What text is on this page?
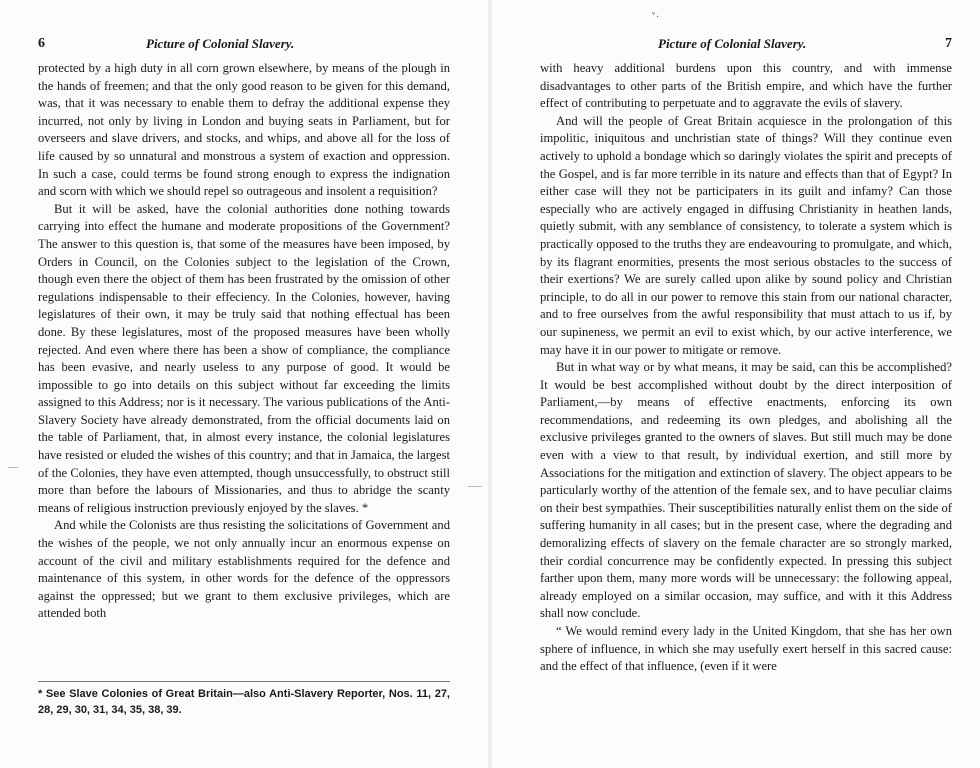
˅·
6	Picture of Colonial Slavery.

protected by a high duty in all corn grown elsewhere, by means of the plough in the hands of freemen; and that the only good reason to be given for this demand, was, that it was necessary to enable them to defray the additional expense they incurred, not only by living in London and buying seats in Parliament, but for overseers and slave drivers, and stocks, and whips, and above all for the loss of life caused by so unnatural and monstrous a system of exaction and oppression. In such a case, could terms be found strong enough to express the indignation and scorn with which we should repel so outrageous and insolent a requisition?

But it will be asked, have the colonial authorities done nothing towards carrying into effect the humane and moderate propositions of the Government? The answer to this question is, that some of the measures have been imposed, by Orders in Council, on the Colonies subject to the legislation of the Crown, though even there the object of them has been frustrated by the omission of other regulations indispensable to their effeciency. In the Colonies, however, having legislatures of their own, it may be truly said that nothing effectual has been done. By these legislatures, most of the proposed measures have been wholly rejected. And even where there has been a show of compliance, the compliance has been evasive, and nearly useless to any purpose of good. It would be impossible to go into details on this subject without far exceeding the limits assigned to this Address; nor is it necessary. The various publications of the Anti-Slavery Society have already demonstrated, from the official documents laid on the table of Parliament, that, in almost every instance, the colonial legislatures have resisted or eluded the wishes of this country; and that in Jamaica, the largest of the Colonies, they have even attempted, though unsuccessfully, to obstruct still more than before the labours of Missionaries, and thus to abridge the scanty means of religious instruction previously enjoyed by the slaves. *

And while the Colonists are thus resisting the solicitations of Government and the wishes of the people, we not only annually incur an enormous expense on account of the civil and military establishments required for the defence and maintenance of this system, in other words for the defence of the oppressors against the oppressed; but we grant to them exclusive privileges, which are attended both

* See Slave Colonies of Great Britain—also Anti-Slavery Reporter, Nos. 11, 27, 28, 29, 30, 31, 34, 35, 38, 39.
Picture of Colonial Slavery.	7

with heavy additional burdens upon this country, and with immense disadvantages to other parts of the British empire, and which have the further effect of contributing to perpetuate and to aggravate the evils of slavery.

And will the people of Great Britain acquiesce in the prolongation of this impolitic, iniquitous and unchristian state of things? Will they continue even actively to uphold a bondage which so daringly violates the spirit and precepts of the Gospel, and is far more terrible in its nature and effects than that of Egypt? In either case will they not be participaters in its guilt and infamy? Can those especially who are actively engaged in diffusing Christianity in heathen lands, quietly submit, with any semblance of consistency, to tolerate a system which is practically opposed to the truths they are endeavouring to promulgate, and which, by its flagrant enormities, presents the most serious obstacles to the success of their exertions? We are surely called upon alike by sound policy and Christian principle, to do all in our power to remove this stain from our national character, and to free ourselves from the awful responsibility that must attach to us if, by our supineness, we permit an evil to exist which, by our active interference, we may have it in our power to mitigate or remove.

But in what way or by what means, it may be said, can this be accomplished? It would be best accomplished without doubt by the direct interposition of Parliament,—by means of effective enactments, enforcing its own recommendations, and redeeming its own pledges, and abolishing all the exclusive privileges granted to the owners of slaves. But still much may be done even with a view to that result, by individual exertion, and still more by Associations for the mitigation and extinction of slavery. The object appears to be particularly worthy of the attention of the female sex, and to have peculiar claims on their best sympathies. Their susceptibilities naturally enlist them on the side of suffering humanity in all cases; but in the present case, where the degrading and demoralizing effects of slavery on the female character are so strongly marked, their cordial concurrence may be confidently expected. In pressing this subject farther upon them, many more words will be unnecessary: the following appeal, already employed on a similar occasion, may suffice, and with it this Address shall now conclude.

“ We would remind every lady in the United Kingdom, that she has her own sphere of influence, in which she may usefully exert herself in this sacred cause: and the effect of that influence, (even if it were
